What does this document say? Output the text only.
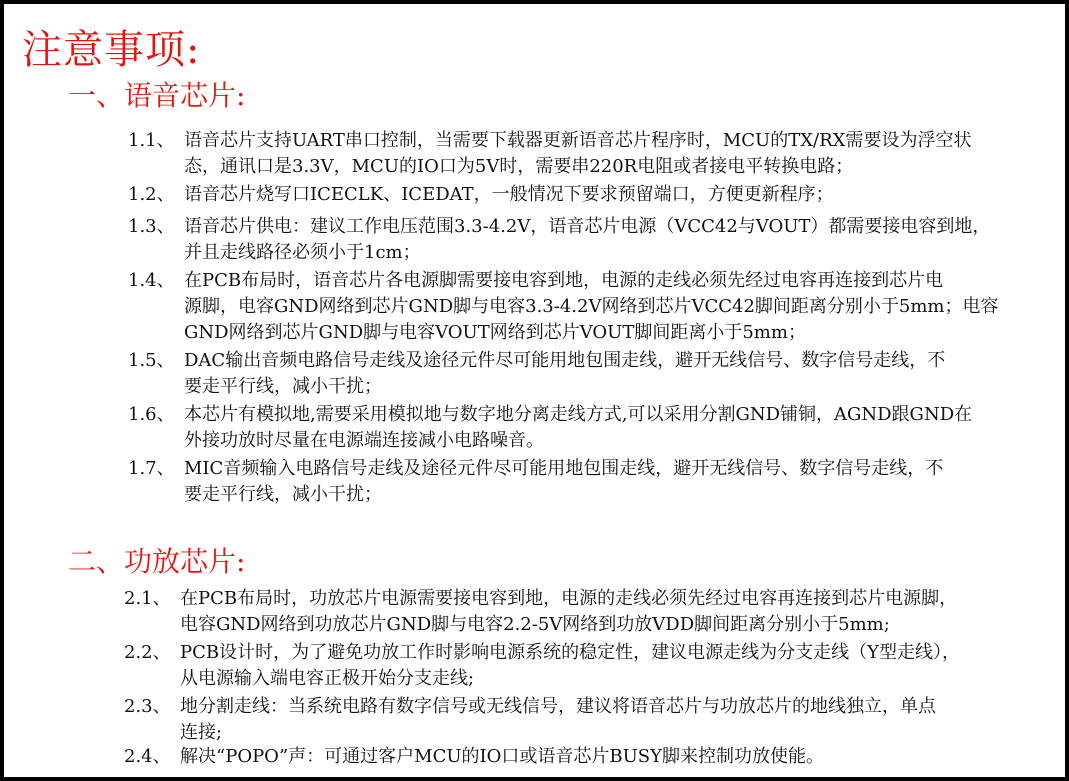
注意事项:
一、语音芯片:
1.1、 语音芯片支持UART串口控制，当需要下载器更新语音芯片程序时，MCU的TX/RX需要设为浮空状
态，通讯口是3.3V，MCU的IO口为5V时，需要串220R电阻或者接电平转换电路；
1.2、 语音芯片烧写口ICECLK、ICEDAT，一般情况下要求预留端口，方便更新程序；
1.3、 语音芯片供电：建议工作电压范围3.3-4.2V，语音芯片电源（VCC42与VOUT）都需要接电容到地，
并且走线路径必须小于1cm；
1.4、 在PCB布局时，语音芯片各电源脚需要接电容到地，电源的走线必须先经过电容再连接到芯片电
源脚，电容GND网络到芯片GND脚与电容3.3-4.2V网络到芯片VCC42脚间距离分别小于5mm；电容
GND网络到芯片GND脚与电容VOUT网络到芯片VOUT脚间距离小于5mm；
1.5、 DAC输出音频电路信号走线及途径元件尽可能用地包围走线，避开无线信号、数字信号走线，不
要走平行线，减小干扰；
1.6、 本芯片有模拟地,需要采用模拟地与数字地分离走线方式,可以采用分割GND铺铜，AGND跟GND在
外接功放时尽量在电源端连接减小电路噪音。
1.7、 MIC音频输入电路信号走线及途径元件尽可能用地包围走线，避开无线信号、数字信号走线，不
要走平行线，减小干扰；
二、功放芯片:
2.1、 在PCB布局时，功放芯片电源需要接电容到地，电源的走线必须先经过电容再连接到芯片电源脚，
电容GND网络到功放芯片GND脚与电容2.2-5V网络到功放VDD脚间距离分别小于5mm;
2.2、 PCB设计时，为了避免功放工作时影响电源系统的稳定性，建议电源走线为分支走线（Y型走线），
从电源输入端电容正极开始分支走线;
2.3、 地分割走线：当系统电路有数字信号或无线信号，建议将语音芯片与功放芯片的地线独立，单点
连接;
2.4、 解决“POPO”声：可通过客户MCU的IO口或语音芯片BUSY脚来控制功放使能。
